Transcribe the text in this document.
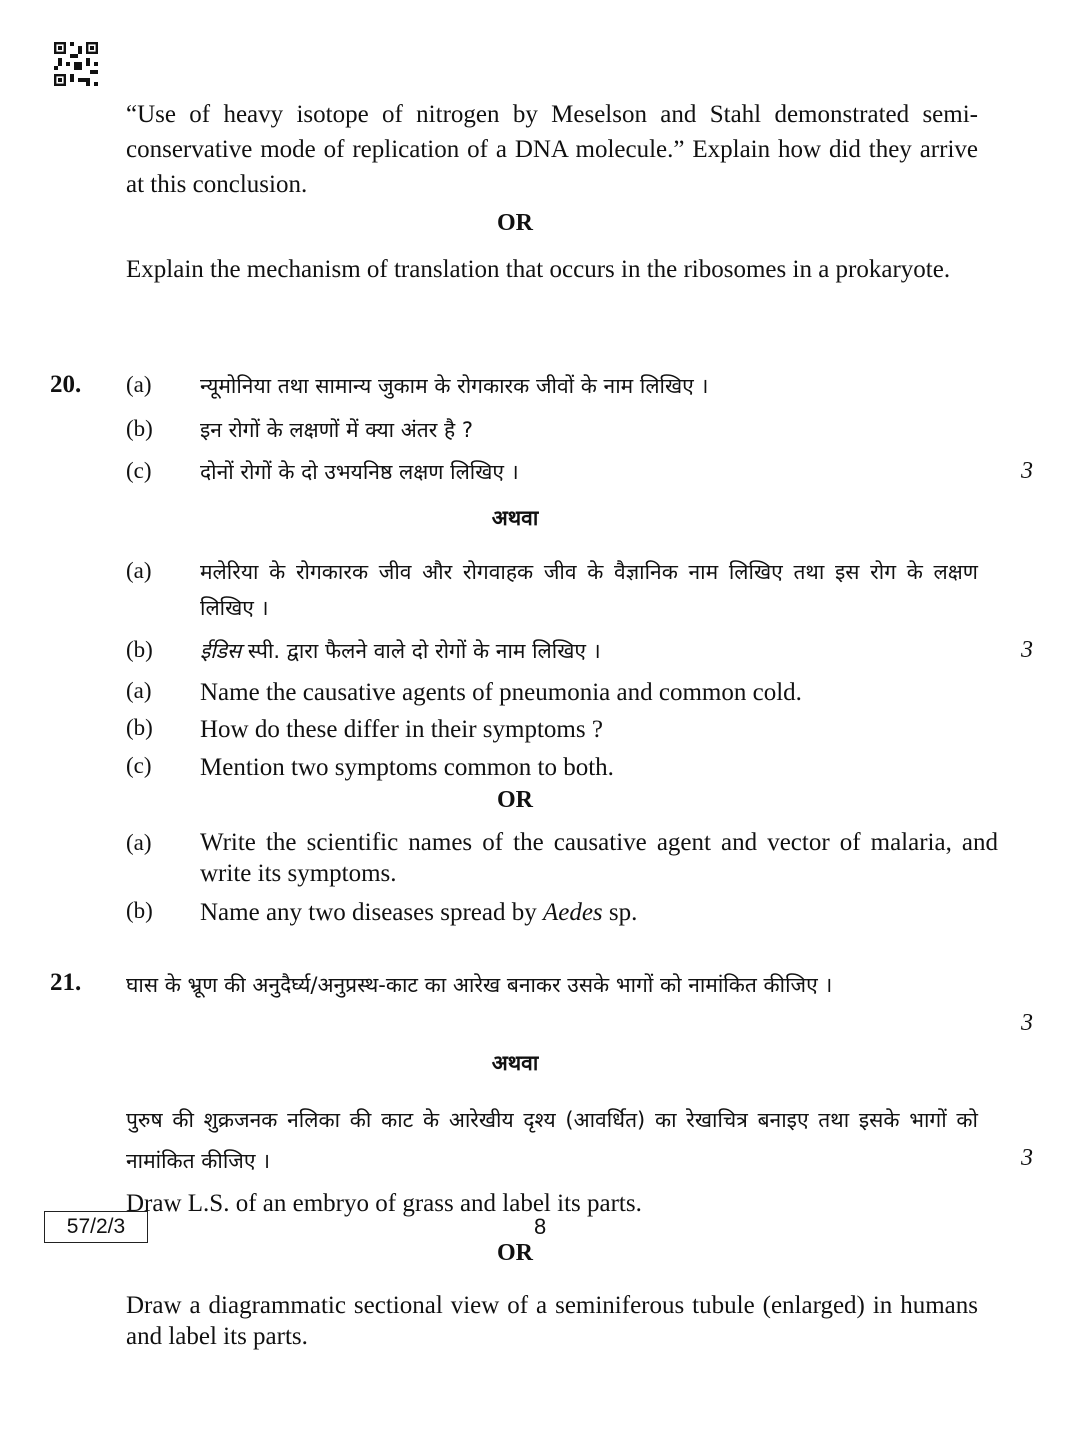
“Use of heavy isotope of nitrogen by Meselson and Stahl demonstrated semi-conservative mode of replication of a DNA molecule.” Explain how did they arrive at this conclusion.
OR
Explain the mechanism of translation that occurs in the ribosomes in a prokaryote.
20. (a) न्यूमोनिया तथा सामान्य जुकाम के रोगकारक जीवों के नाम लिखिए ।
(b) इन रोगों के लक्षणों में क्या अंतर है ?
(c) दोनों रोगों के दो उभयनिष्ठ लक्षण लिखिए ।	3
अथवा
(a) मलेरिया के रोगकारक जीव और रोगवाहक जीव के वैज्ञानिक नाम लिखिए तथा इस रोग के लक्षण लिखिए ।
(b) ईडिस स्पी. द्वारा फैलने वाले दो रोगों के नाम लिखिए ।	3
(a) Name the causative agents of pneumonia and common cold.
(b) How do these differ in their symptoms ?
(c) Mention two symptoms common to both.
OR
(a) Write the scientific names of the causative agent and vector of malaria, and write its symptoms.
(b) Name any two diseases spread by Aedes sp.
21. घास के भ्रूण की अनुदैर्घ्य/अनुप्रस्थ-काट का आरेख बनाकर उसके भागों को नामांकित कीजिए ।
3
अथवा
पुरुष की शुक्रजनक नलिका की काट के आरेखीय दृश्य (आवर्धित) का रेखाचित्र बनाइए तथा इसके भागों को नामांकित कीजिए ।	3
Draw L.S. of an embryo of grass and label its parts.
OR
Draw a diagrammatic sectional view of a seminiferous tubule (enlarged) in humans and label its parts.
57/2/3	8
